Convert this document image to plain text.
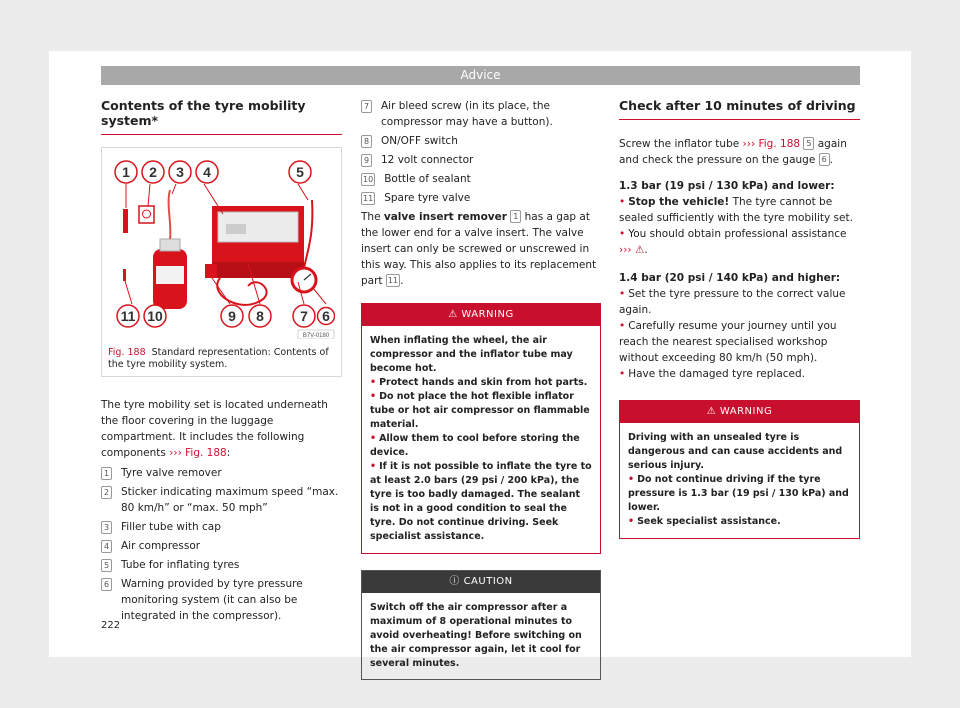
Advice
Contents of the tyre mobility system*
1 2 3 4	5
11 10	9 8	7 6
B7V-0180
Fig. 188 Standard representation: Contents of the tyre mobility system.

The tyre mobility set is located underneath the floor covering in the luggage compartment. It includes the following components ››› Fig. 188:

1 Tyre valve remover
2 Sticker indicating maximum speed “max. 80 km/h” or “max. 50 mph”
3 Filler tube with cap
4 Air compressor
5 Tube for inflating tyres
6 Warning provided by tyre pressure monitoring system (it can also be integrated in the compressor).
7 Air bleed screw (in its place, the compressor may have a button).
8 ON/OFF switch
9 12 volt connector
10 Bottle of sealant
11 Spare tyre valve

The valve insert remover 1 has a gap at the lower end for a valve insert. The valve insert can only be screwed or unscrewed in this way. This also applies to its replacement part 11 .

⚠ WARNING
When inflating the wheel, the air compressor and the inflator tube may become hot.
• Protect hands and skin from hot parts.
• Do not place the hot flexible inflator tube or hot air compressor on flammable material.
• Allow them to cool before storing the device.
• If it is not possible to inflate the tyre to at least 2.0 bars (29 psi / 200 kPa), the tyre is too badly damaged. The sealant is not in a good condition to seal the tyre. Do not continue driving. Seek specialist assistance.
ⓘ CAUTION
Switch off the air compressor after a maximum of 8 operational minutes to avoid overheating! Before switching on the air compressor again, let it cool for several minutes.
Check after 10 minutes of driving

Screw the inflator tube ››› Fig. 188 5 again and check the pressure on the gauge 6 .

1.3 bar (19 psi / 130 kPa) and lower:

• Stop the vehicle! The tyre cannot be sealed sufficiently with the tyre mobility set.

• You should obtain professional assistance
››› ⚠.

1.4 bar (20 psi / 140 kPa) and higher:

• Set the tyre pressure to the correct value again.

• Carefully resume your journey until you reach the nearest specialised workshop without exceeding 80 km/h (50 mph).

• Have the damaged tyre replaced.

⚠ WARNING
Driving with an unsealed tyre is dangerous and can cause accidents and serious injury.
• Do not continue driving if the tyre pressure is 1.3 bar (19 psi / 130 kPa) and lower.
• Seek specialist assistance.
222
